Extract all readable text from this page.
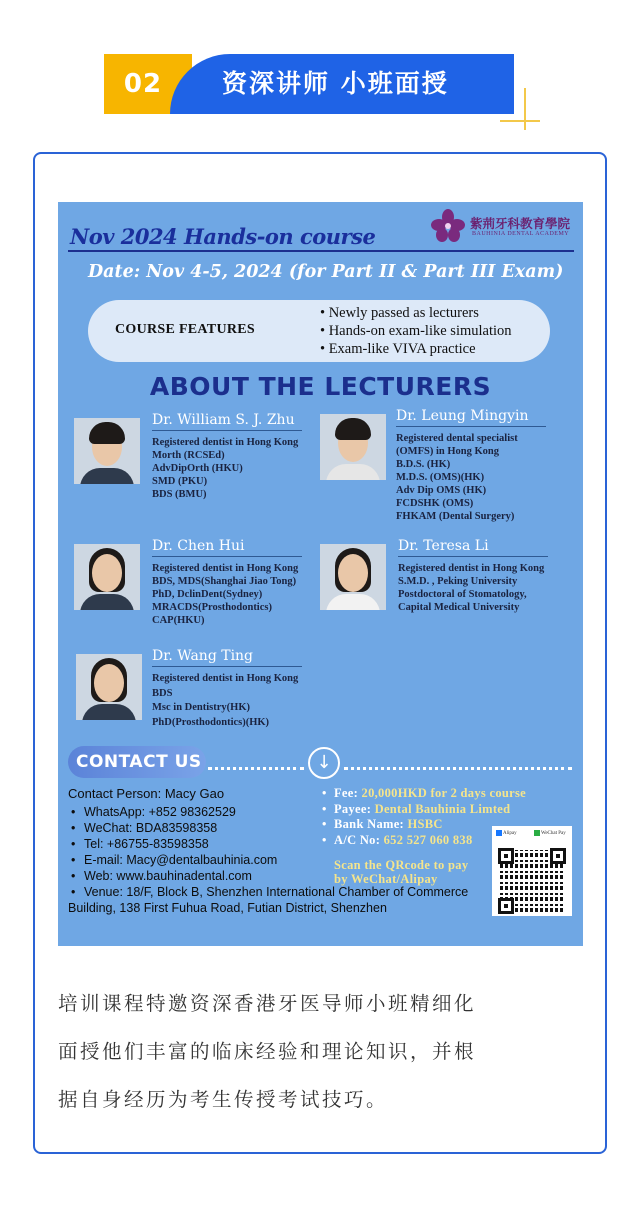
02	资深讲师 小班面授
Nov 2024 Hands-on course
紫荊牙科教育學院
BAUHINIA DENTAL ACADEMY
Date: Nov 4-5, 2024 (for Part II & Part III Exam)
COURSE FEATURES
• Newly passed as lecturers
• Hands-on exam-like simulation
• Exam-like VIVA practice
ABOUT THE LECTURERS
Dr. William S. J. Zhu
Registered dentist in Hong Kong
Morth (RCSEd)
AdvDipOrth (HKU)
SMD (PKU)
BDS (BMU)
Dr. Leung Mingyin
Registered dental specialist
(OMFS) in Hong Kong
B.D.S. (HK)
M.D.S. (OMS)(HK)
Adv Dip OMS (HK)
FCDSHK (OMS)
FHKAM (Dental Surgery)
Dr. Chen Hui
Registered dentist in Hong Kong
BDS, MDS(Shanghai Jiao Tong)
PhD, DclinDent(Sydney)
MRACDS(Prosthodontics)
CAP(HKU)
Dr. Teresa Li
Registered dentist in Hong Kong
S.M.D. , Peking University
Postdoctoral of Stomatology,
Capital Medical University
Dr. Wang Ting
Registered dentist in Hong Kong
BDS
Msc in Dentistry(HK)
PhD(Prosthodontics)(HK)
CONTACT US	↓
Contact Person: Macy Gao
• WhatsApp: +852 98362529
• WeChat: BDA83598358
• Tel: +86755-83598358
• E-mail: Macy@dentalbauhinia.com
• Web: www.bauhinadental.com
• Venue: 18/F, Block B, Shenzhen International Chamber of Commerce
Building, 138 First Fuhua Road, Futian District, Shenzhen
• Fee: 20,000HKD for 2 days course
• Payee: Dental Bauhinia Limted
• Bank Name: HSBC
• A/C No: 652 527 060 838
Scan the QRcode to pay
by WeChat/Alipay
Alipay	WeChat Pay
培训课程特邀资深香港牙医导师小班精细化
面授他们丰富的临床经验和理论知识，并根
据自身经历为考生传授考试技巧。
